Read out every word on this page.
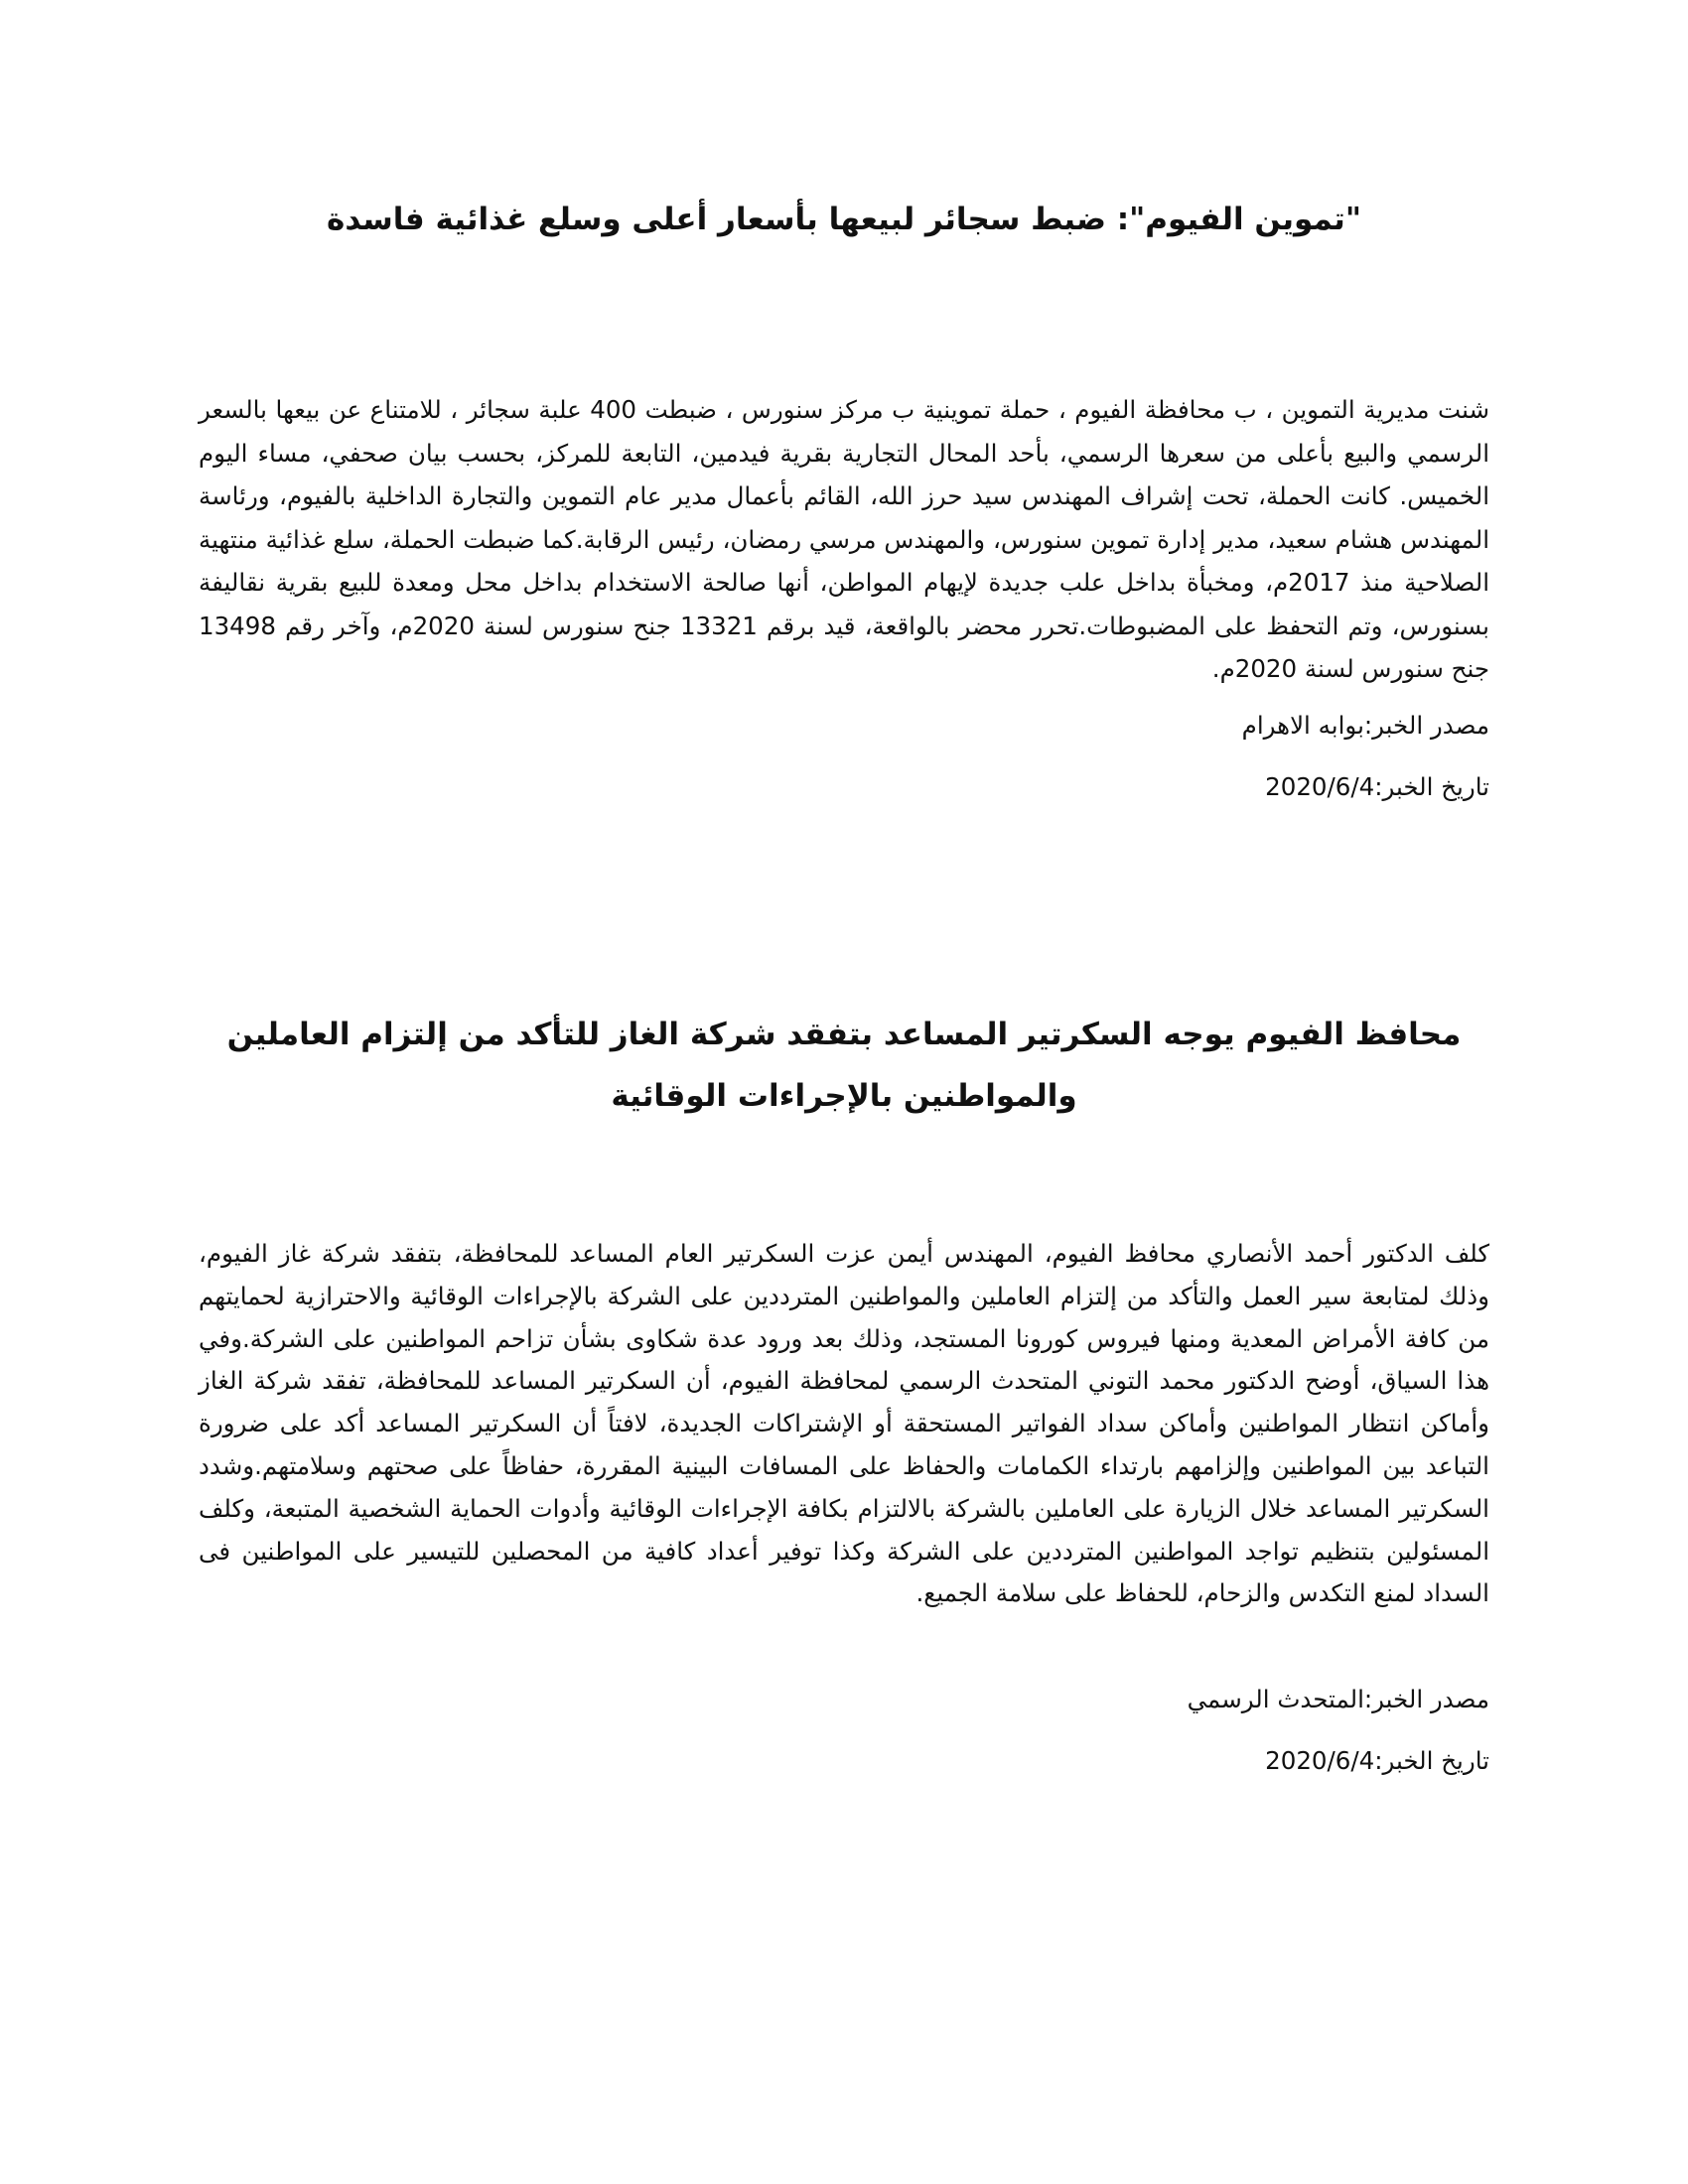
"تموين الفيوم": ضبط سجائر لبيعها بأسعار أعلى وسلع غذائية فاسدة

شنت مديرية التموين ، ب محافظة الفيوم ، حملة تموينية ب مركز سنورس ، ضبطت 400 علبة سجائر ، للامتناع عن بيعها بالسعر الرسمي والبيع بأعلى من سعرها الرسمي، بأحد المحال التجارية بقرية فيدمين، التابعة للمركز، بحسب بيان صحفي، مساء اليوم الخميس. كانت الحملة، تحت إشراف المهندس سيد حرز الله، القائم بأعمال مدير عام التموين والتجارة الداخلية بالفيوم، ورئاسة المهندس هشام سعيد، مدير إدارة تموين سنورس، والمهندس مرسي رمضان، رئيس الرقابة.كما ضبطت الحملة، سلع غذائية منتهية الصلاحية منذ 2017م، ومخبأة بداخل علب جديدة لإيهام المواطن، أنها صالحة الاستخدام بداخل محل ومعدة للبيع بقرية نقاليفة بسنورس، وتم التحفظ على المضبوطات.تحرر محضر بالواقعة، قيد برقم 13321 جنح سنورس لسنة 2020م، وآخر رقم 13498 جنح سنورس لسنة 2020م.

مصدر الخبر:بوابه الاهرام

تاريخ الخبر:2020/6/4

محافظ الفيوم يوجه السكرتير المساعد بتفقد شركة الغاز للتأكد من إلتزام العاملين والمواطنين بالإجراءات الوقائية

كلف الدكتور أحمد الأنصاري محافظ الفيوم، المهندس أيمن عزت السكرتير العام المساعد للمحافظة، بتفقد شركة غاز الفيوم، وذلك لمتابعة سير العمل والتأكد من إلتزام العاملين والمواطنين المترددين على الشركة بالإجراءات الوقائية والاحترازية لحمايتهم من كافة الأمراض المعدية ومنها فيروس كورونا المستجد، وذلك بعد ورود عدة شكاوى بشأن تزاحم المواطنين على الشركة.وفي هذا السياق، أوضح الدكتور محمد التوني المتحدث الرسمي لمحافظة الفيوم، أن السكرتير المساعد للمحافظة، تفقد شركة الغاز وأماكن انتظار المواطنين وأماكن سداد الفواتير المستحقة أو الإشتراكات الجديدة، لافتاً أن السكرتير المساعد أكد على ضرورة التباعد بين المواطنين وإلزامهم بارتداء الكمامات والحفاظ على المسافات البينية المقررة، حفاظاً على صحتهم وسلامتهم.وشدد السكرتير المساعد خلال الزيارة على العاملين بالشركة بالالتزام بكافة الإجراءات الوقائية وأدوات الحماية الشخصية المتبعة، وكلف المسئولين بتنظيم تواجد المواطنين المترددين على الشركة وكذا توفير أعداد كافية من المحصلين للتيسير على المواطنين فى السداد لمنع التكدس والزحام، للحفاظ على سلامة الجميع.

مصدر الخبر:المتحدث الرسمي

تاريخ الخبر:2020/6/4
